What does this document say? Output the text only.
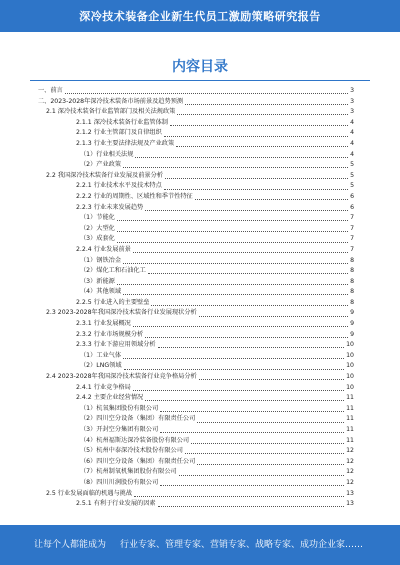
深冷技术装备企业新生代员工激励策略研究报告
内容目录
一、前言	3
二、2023-2028年深冷技术装备市场前景及趋势预测	3
2.1 深冷技术装备行业监管部门及相关法规政策	3
2.1.1 深冷技术装备行业监管体制	4
2.1.2 行业主管部门及自律组织	4
2.1.3 行业主要法律法规及产业政策	4
（1）行业相关法规	4
（2）产业政策	5
2.2 我国深冷技术装备行业发展及前景分析	5
2.2.1 行业技术水平及技术特点	5
2.2.2 行业的周期性、区域性和季节性特征	6
2.2.3 行业未来发展趋势	6
（1）节能化	7
（2）大型化	7
（3）成套化	7
2.2.4 行业发展前景	7
（1）钢铁冶金	8
（2）煤化工和石油化工	8
（3）新能源	8
（4）其他领域	8
2.2.5 行业进入的主要壁垒	8
2.3 2023-2028年我国深冷技术装备行业发展现状分析	9
2.3.1 行业发展概况	9
2.3.2 行业市场规模分析	9
2.3.3 行业下游应用领域分析	10
（1）工业气体	10
（2）LNG领域	10
2.4 2023-2028年我国深冷技术装备行业竞争格局分析	10
2.4.1 行业竞争格局	10
2.4.2 主要企业经营情况	11
（1）杭氧集团股份有限公司	11
（2）四川空分设备（集团）有限责任公司	11
（3）开封空分集团有限公司	11
（4）杭州福斯达深冷装备股份有限公司	11
（5）杭州中泰深冷技术股份有限公司	12
（6）四川空分设备（集团）有限责任公司	12
（7）杭州制氧机集团股份有限公司	12
（8）四川川润股份有限公司	12
2.5 行业发展面临的机遇与挑战	13
2.5.1 有利于行业发展的因素	13
让每个人都能成为 行业专家、管理专家、营销专家、战略专家、成功企业家……
